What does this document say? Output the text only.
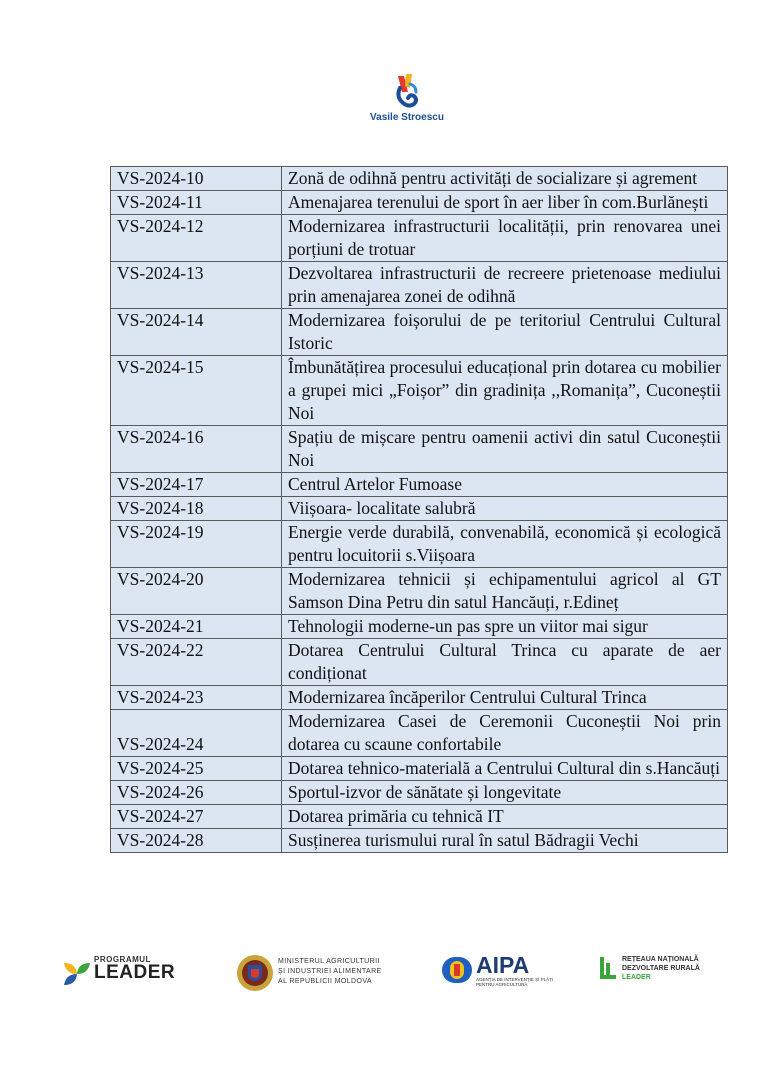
Vasile Stroescu
VS-2024-10	Zonă de odihnă pentru activități de socializare și agrement
VS-2024-11	Amenajarea terenului de sport în aer liber în com.Burlănești
VS-2024-12	Modernizarea infrastructurii localității, prin renovarea unei porțiuni de trotuar
VS-2024-13	Dezvoltarea infrastructurii de recreere prietenoase mediului prin amenajarea zonei de odihnă
VS-2024-14	Modernizarea foișorului de pe teritoriul Centrului Cultural Istoric
VS-2024-15	Îmbunătățirea procesului educațional prin dotarea cu mobilier a grupei mici „Foișor” din gradinița ,,Romanița”, Cuconeștii Noi
VS-2024-16	Spațiu de mișcare pentru oamenii activi din satul Cuconeștii Noi
VS-2024-17	Centrul Artelor Fumoase
VS-2024-18	Viișoara- localitate salubră
VS-2024-19	Energie verde durabilă, convenabilă, economică și ecologică pentru locuitorii s.Viișoara
VS-2024-20	Modernizarea tehnicii și echipamentului agricol al GT Samson Dina Petru din satul Hancăuți, r.Edineț
VS-2024-21	Tehnologii moderne-un pas spre un viitor mai sigur
VS-2024-22	Dotarea Centrului Cultural Trinca cu aparate de aer condiționat
VS-2024-23	Modernizarea încăperilor Centrului Cultural Trinca
VS-2024-24	Modernizarea Casei de Ceremonii Cuconeștii Noi prin dotarea cu scaune confortabile
VS-2024-25	Dotarea tehnico-materială a Centrului Cultural din s.Hancăuți
VS-2024-26	Sportul-izvor de sănătate și longevitate
VS-2024-27	Dotarea primăria cu tehnică IT
VS-2024-28	Susținerea turismului rural în satul Bădragii Vechi
PROGRAMUL
LEADER
MINISTERUL AGRICULTURII
ȘI INDUSTRIEI ALIMENTARE
AL REPUBLICII MOLDOVA
AIPA
AGENȚIA DE INTERVENȚIE ȘI PLĂȚI PENTRU AGRICULTURĂ
REȚEAUA NAȚIONALĂ
DEZVOLTARE RURALĂ
LEADER
